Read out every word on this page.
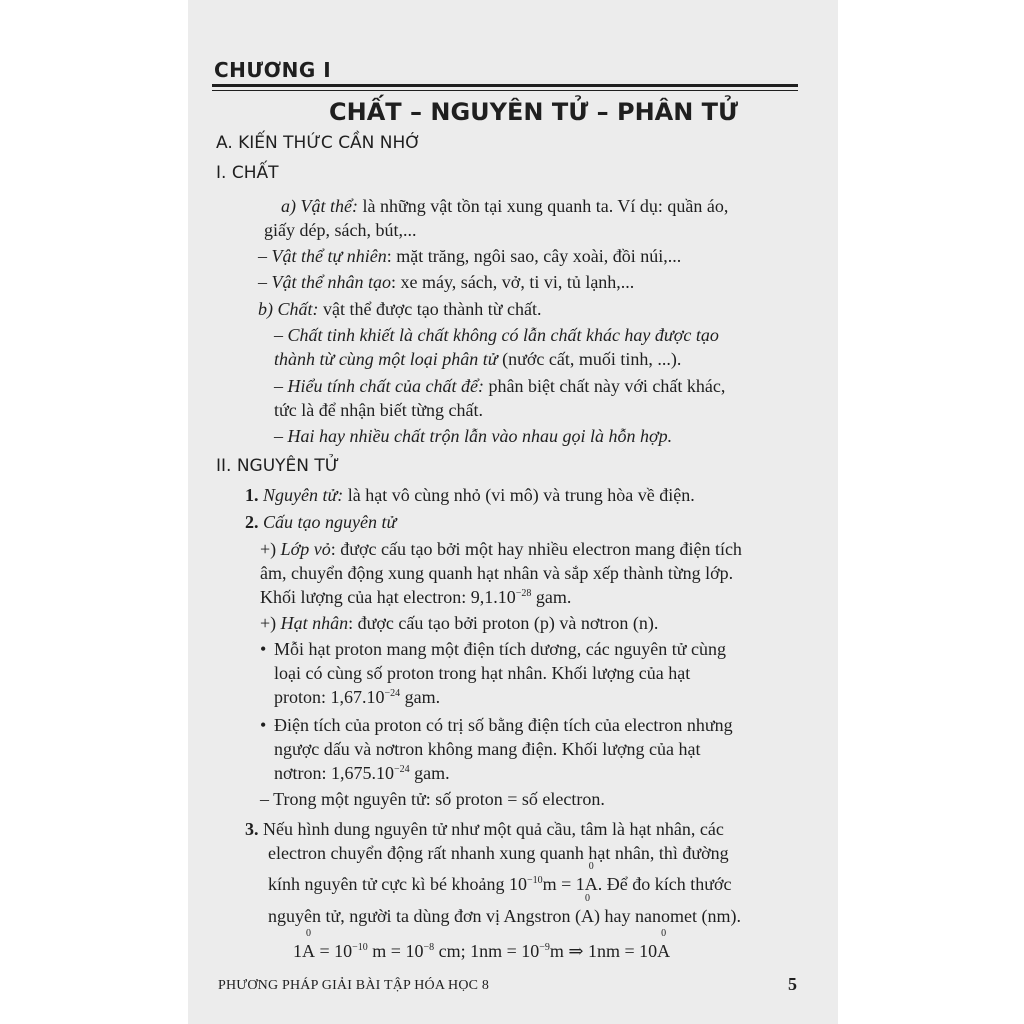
CHƯƠNG I
CHẤT – NGUYÊN TỬ – PHÂN TỬ
A. KIẾN THỨC CẦN NHỚ
I. CHẤT
a) Vật thể: là những vật tồn tại xung quanh ta. Ví dụ: quần áo,
giấy dép, sách, bút,...
– Vật thể tự nhiên: mặt trăng, ngôi sao, cây xoài, đồi núi,...
– Vật thể nhân tạo: xe máy, sách, vở, ti vi, tủ lạnh,...
b) Chất: vật thể được tạo thành từ chất.
– Chất tinh khiết là chất không có lẫn chất khác hay được tạo
thành từ cùng một loại phân tử (nước cất, muối tinh, ...).
– Hiểu tính chất của chất để: phân biệt chất này với chất khác,
tức là để nhận biết từng chất.
– Hai hay nhiều chất trộn lẫn vào nhau gọi là hỗn hợp.
II. NGUYÊN TỬ
1. Nguyên tử: là hạt vô cùng nhỏ (vi mô) và trung hòa về điện.
2. Cấu tạo nguyên tử
+) Lớp vỏ: được cấu tạo bởi một hay nhiều electron mang điện tích
âm, chuyển động xung quanh hạt nhân và sắp xếp thành từng lớp.
Khối lượng của hạt electron: $9,1.10^{-28}$ gam.
+) Hạt nhân: được cấu tạo bởi proton (p) và nơtron (n).
• Mỗi hạt proton mang một điện tích dương, các nguyên tử cùng
loại có cùng số proton trong hạt nhân. Khối lượng của hạt
proton: $1,67.10^{-24}$ gam.
• Điện tích của proton có trị số bằng điện tích của electron nhưng
ngược dấu và nơtron không mang điện. Khối lượng của hạt
nơtron: $1,675.10^{-24}$ gam.
– Trong một nguyên tử: số proton = số electron.
3. Nếu hình dung nguyên tử như một quả cầu, tâm là hạt nhân, các
electron chuyển động rất nhanh xung quanh hạt nhân, thì đường
kính nguyên tử cực kì bé khoảng $10^{-10}m = 1$
0
A. Để đo kích thước
nguyên tử, người ta dùng đơn vị Angstron (
0
A) hay nanomet (nm).
1
0
$A = 10^{-10}$ $m = 10^{-8}$ cm; $1nm = 10^{-9}m$ ⇒ 1nm = 10
0
A
PHƯƠNG PHÁP GIẢI BÀI TẬP HÓA HỌC 8	5
